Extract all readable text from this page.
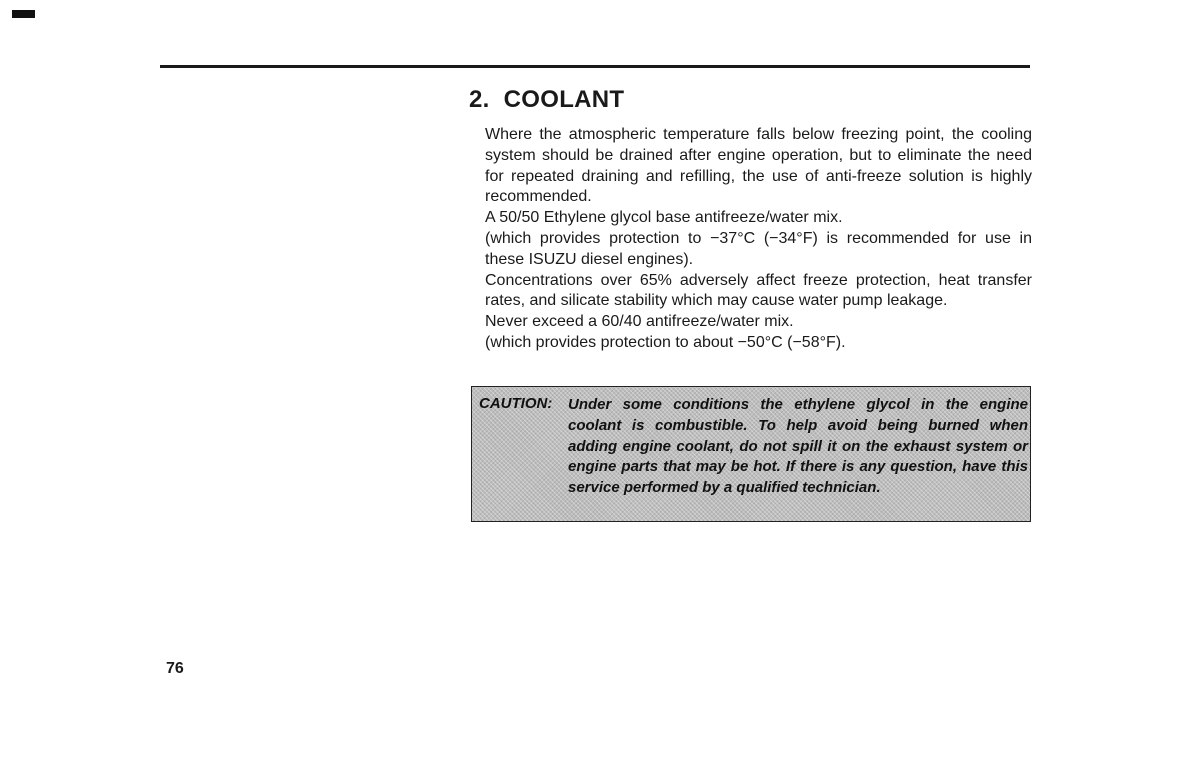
2. COOLANT

Where the atmospheric temperature falls below freezing point, the cooling system should be drained after engine operation, but to eliminate the need for repeated draining and refilling, the use of anti-freeze solution is highly recommended.

A 50/50 Ethylene glycol base antifreeze/water mix.

(which provides protection to −37°C (−34°F) is recommended for use in these ISUZU diesel engines).

Concentrations over 65% adversely affect freeze protection, heat transfer rates, and silicate stability which may cause water pump leakage.

Never exceed a 60/40 antifreeze/water mix.

(which provides protection to about −50°C (−58°F).

CAUTION: Under some conditions the ethylene glycol in the engine coolant is combustible. To help avoid being burned when adding engine coolant, do not spill it on the exhaust system or engine parts that may be hot. If there is any question, have this service performed by a qualified technician.

76
